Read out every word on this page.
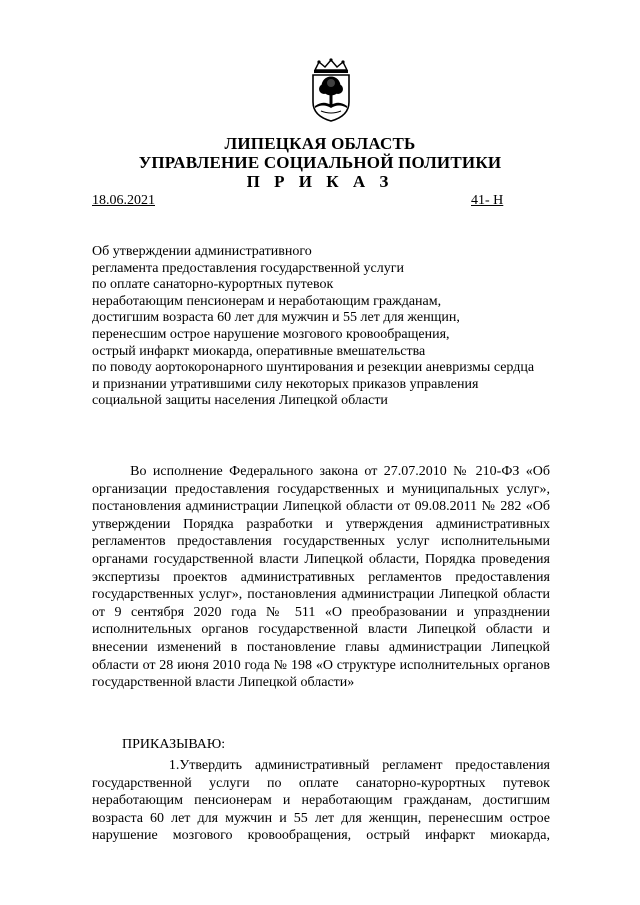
ЛИПЕЦКАЯ ОБЛАСТЬ
УПРАВЛЕНИЕ СОЦИАЛЬНОЙ ПОЛИТИКИ
П Р И К А З
18.06.2021	41- Н
Об утверждении административного
регламента предоставления государственной услуги
по оплате санаторно-курортных путевок
неработающим пенсионерам и неработающим гражданам,
достигшим возраста 60 лет для мужчин и 55 лет для женщин,
перенесшим острое нарушение мозгового кровообращения,
острый инфаркт миокарда, оперативные вмешательства
по поводу аортокоронарного шунтирования и резекции аневризмы сердца
и признании утратившими силу некоторых приказов управления
социальной защиты населения Липецкой области
Во исполнение Федерального закона от 27.07.2010 № 210-ФЗ «Об
организации предоставления государственных и муниципальных услуг»,
постановления администрации Липецкой области от 09.08.2011 № 282 «Об
утверждении Порядка разработки и утверждения административных
регламентов предоставления государственных услуг исполнительными
органами государственной власти Липецкой области, Порядка проведения
экспертизы проектов административных регламентов предоставления
государственных услуг», постановления администрации Липецкой области
от 9 сентября 2020 года № 511 «О преобразовании и упразднении
исполнительных органов государственной власти Липецкой области и
внесении изменений в постановление главы администрации Липецкой
области от 28 июня 2010 года № 198 «О структуре исполнительных органов
государственной власти Липецкой области»
ПРИКАЗЫВАЮ:
1.Утвердить административный регламент предоставления
государственной услуги по оплате санаторно-курортных путевок
неработающим пенсионерам и неработающим гражданам, достигшим
возраста 60 лет для мужчин и 55 лет для женщин, перенесшим острое
нарушение мозгового кровообращения, острый инфаркт миокарда,
